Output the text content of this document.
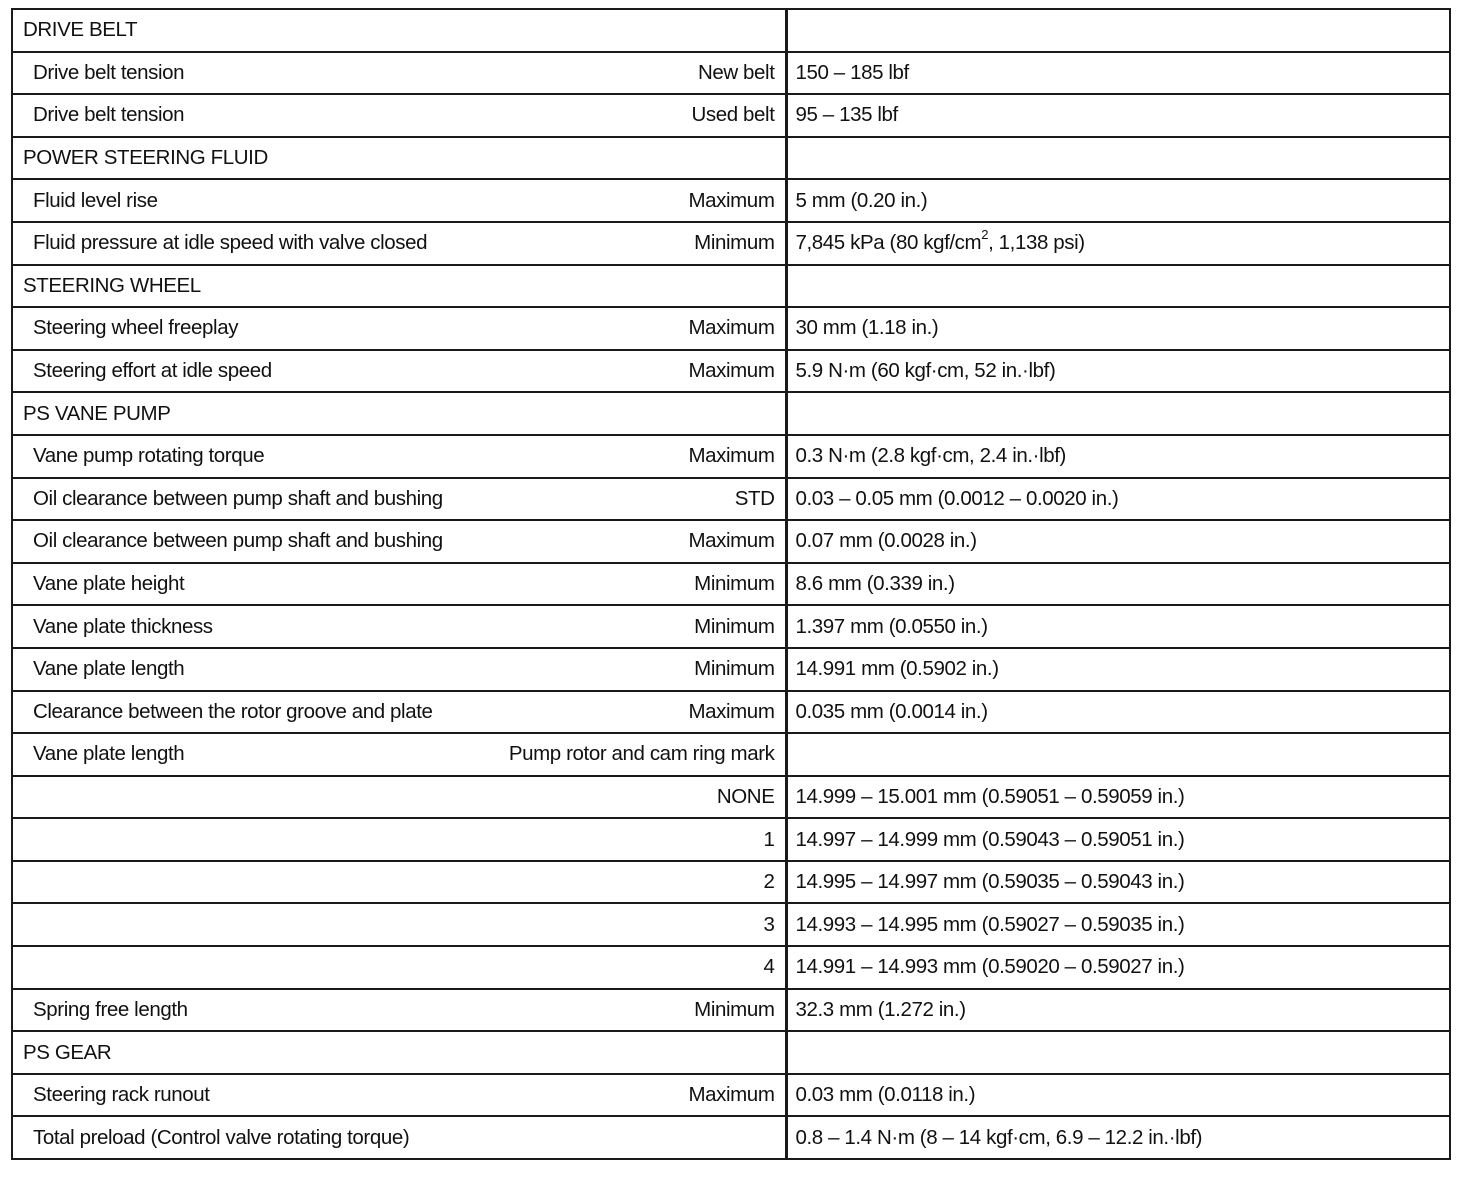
DRIVE BELT	

Drive belt tension New belt	150 – 185 lbf

Drive belt tension Used belt	95 – 135 lbf

POWER STEERING FLUID	

Fluid level rise Maximum	5 mm (0.20 in.)

Fluid pressure at idle speed with valve closed Minimum	7,845 kPa (80 kgf/$cm^2$, 1,138 psi)

STEERING WHEEL	

Steering wheel freeplay Maximum	30 mm (1.18 in.)

Steering effort at idle speed Maximum	5.9 N·m (60 kgf·cm, 52 in.·lbf)

PS VANE PUMP	

Vane pump rotating torque Maximum	0.3 N·m (2.8 kgf·cm, 2.4 in.·lbf)

Oil clearance between pump shaft and bushing STD	0.03 – 0.05 mm (0.0012 – 0.0020 in.)

Oil clearance between pump shaft and bushing Maximum	0.07 mm (0.0028 in.)

Vane plate height Minimum	8.6 mm (0.339 in.)

Vane plate thickness Minimum	1.397 mm (0.0550 in.)

Vane plate length Minimum	14.991 mm (0.5902 in.)

Clearance between the rotor groove and plate Maximum	0.035 mm (0.0014 in.)

Vane plate length Pump rotor and cam ring mark	

NONE	14.999 – 15.001 mm (0.59051 – 0.59059 in.)

1	14.997 – 14.999 mm (0.59043 – 0.59051 in.)

2	14.995 – 14.997 mm (0.59035 – 0.59043 in.)

3	14.993 – 14.995 mm (0.59027 – 0.59035 in.)

4	14.991 – 14.993 mm (0.59020 – 0.59027 in.)

Spring free length Minimum	32.3 mm (1.272 in.)

PS GEAR	

Steering rack runout Maximum	0.03 mm (0.0118 in.)

Total preload (Control valve rotating torque)	0.8 – 1.4 N·m (8 – 14 kgf·cm, 6.9 – 12.2 in.·lbf)
